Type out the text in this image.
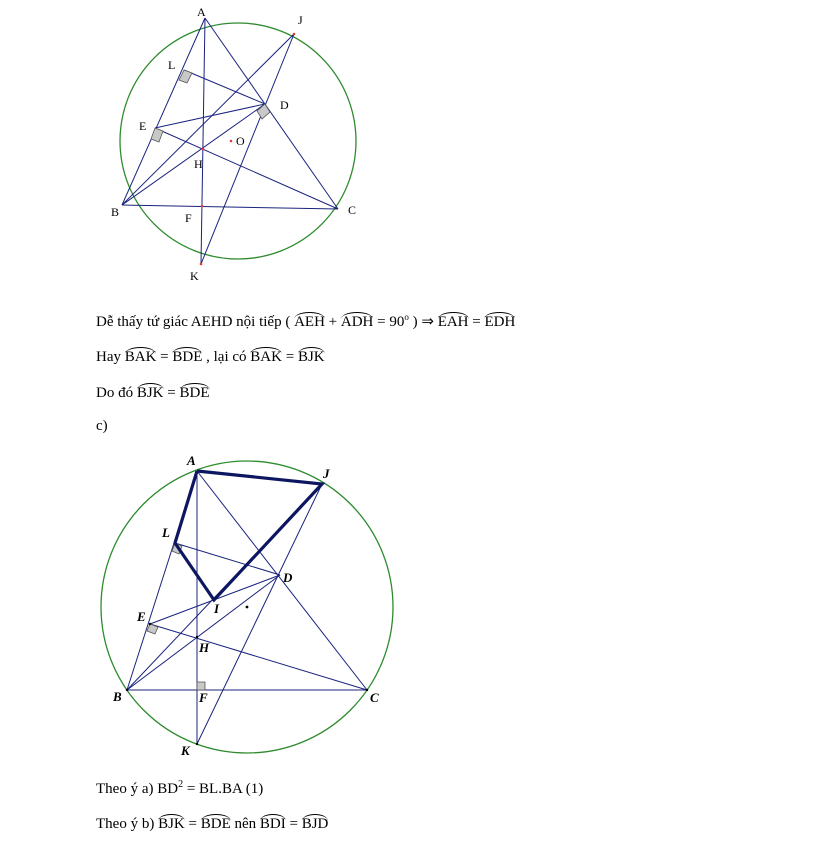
A
J
L
D
E
O
H
B	F
C
K
Dễ thấy tứ giác AEHD nội tiếp ( AEH + ADH = $90^o$ ) ⇒ EAH = EDH
Hay BAK = BDE , lại có BAK = BJK
Do đó BJK = BDE
c)
A
J
L
D
I
E
H
B	F	C
K
Theo ý a) $BD^2 = BL.BA$ (1)
Theo ý b) BJK = BDE nên BDI = BJD
